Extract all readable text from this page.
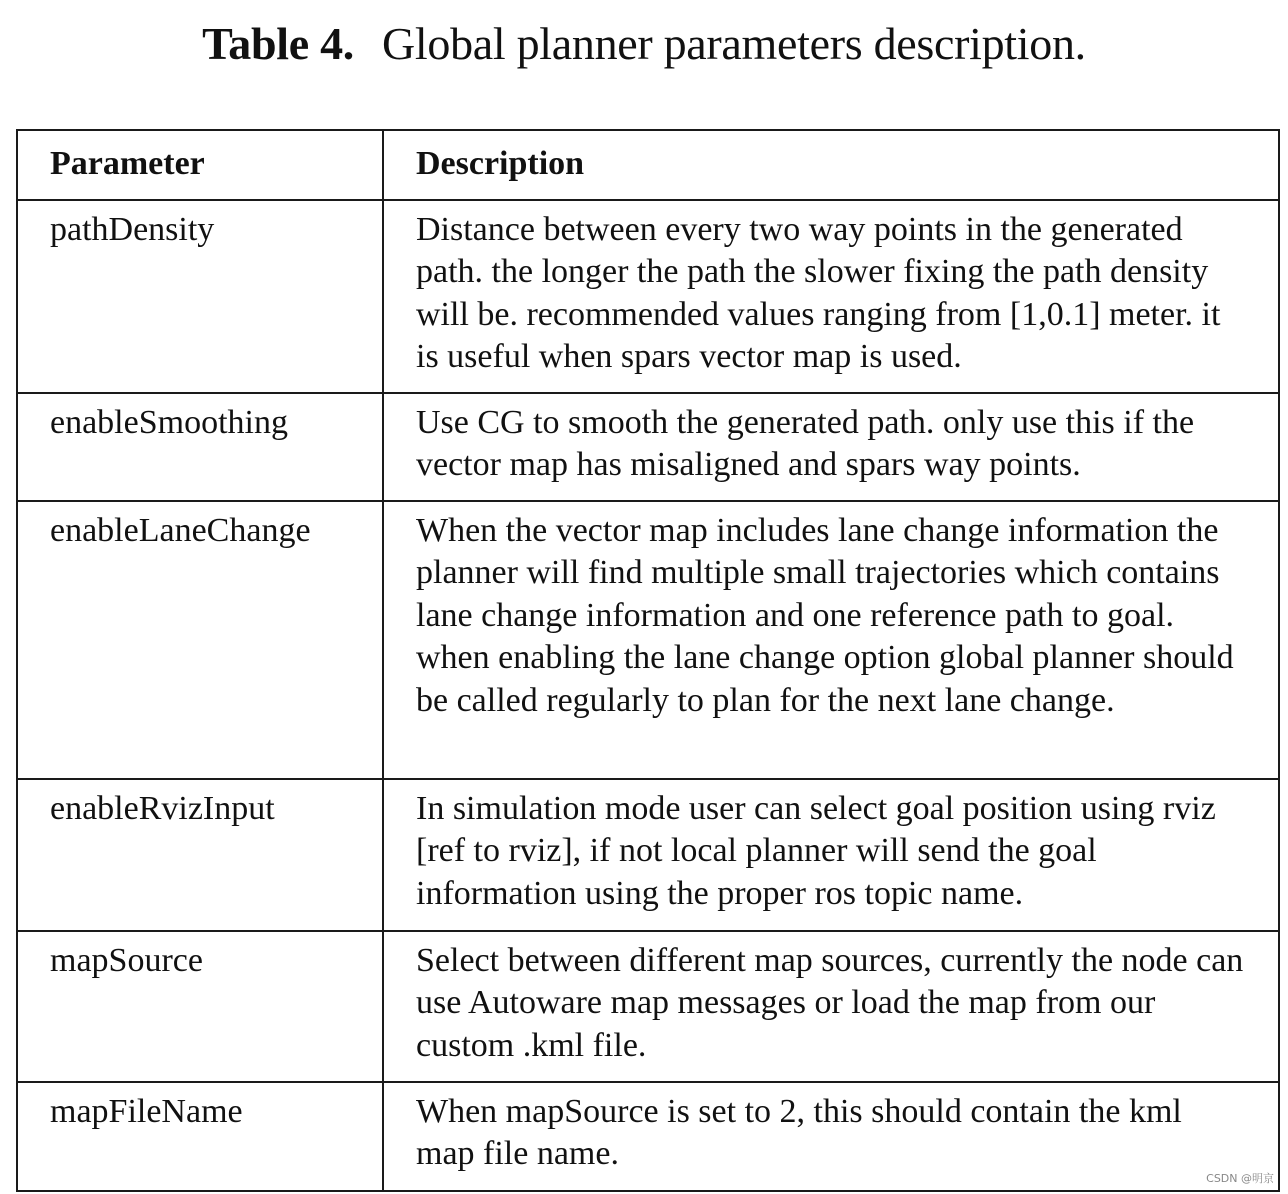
Table 4. Global planner parameters description.
Parameter	Description
pathDensity	Distance between every two way points in the generated path. the longer the path the slower fixing the path density will be. recommended values ranging from [1,0.1] meter. it is useful when spars vector map is used.
enableSmoothing	Use CG to smooth the generated path. only use this if the vector map has misaligned and spars way points.
enableLaneChange	When the vector map includes lane change information the planner will find multiple small trajectories which contains lane change information and one reference path to goal. when enabling the lane change option global planner should be called regularly to plan for the next lane change.
enableRvizInput	In simulation mode user can select goal position using rviz [ref to rviz], if not local planner will send the goal information using the proper ros topic name.
mapSource	Select between different map sources, currently the node can use Autoware map messages or load the map from our custom .kml file.
mapFileName	When mapSource is set to 2, this should contain the kml map file name.
CSDN @明京
